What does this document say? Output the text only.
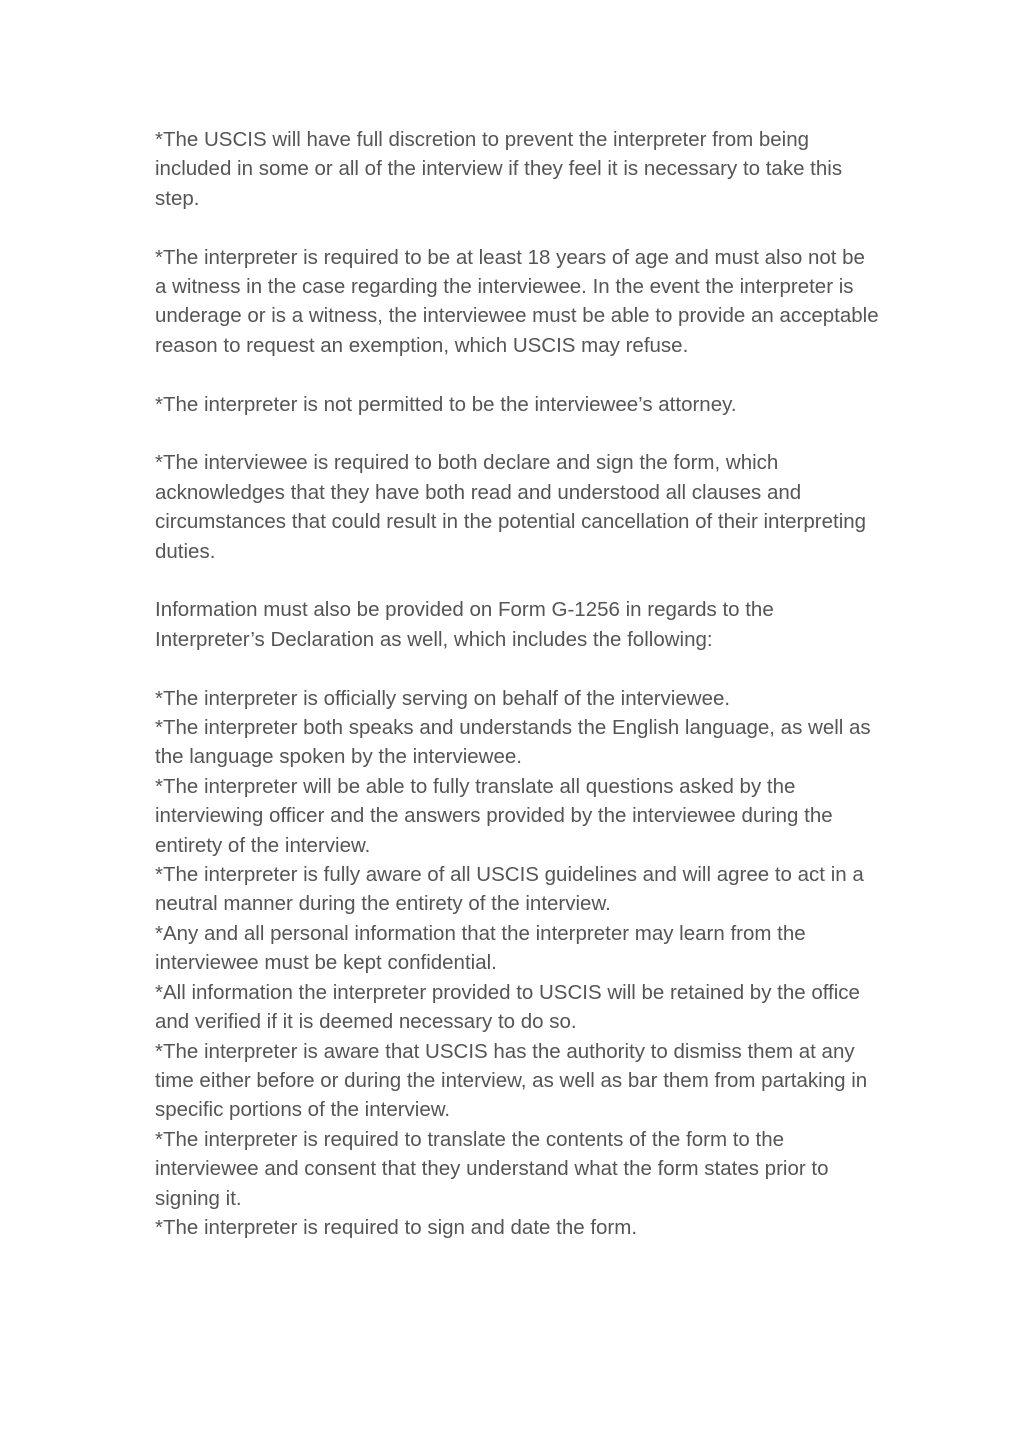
*The USCIS will have full discretion to prevent the interpreter from being included in some or all of the interview if they feel it is necessary to take this step.

*The interpreter is required to be at least 18 years of age and must also not be a witness in the case regarding the interviewee. In the event the interpreter is underage or is a witness, the interviewee must be able to provide an acceptable reason to request an exemption, which USCIS may refuse.

*The interpreter is not permitted to be the interviewee’s attorney.

*The interviewee is required to both declare and sign the form, which acknowledges that they have both read and understood all clauses and circumstances that could result in the potential cancellation of their interpreting duties.

Information must also be provided on Form G-1256 in regards to the Interpreter’s Declaration as well, which includes the following:

*The interpreter is officially serving on behalf of the interviewee.
*The interpreter both speaks and understands the English language, as well as the language spoken by the interviewee.
*The interpreter will be able to fully translate all questions asked by the interviewing officer and the answers provided by the interviewee during the entirety of the interview.
*The interpreter is fully aware of all USCIS guidelines and will agree to act in a neutral manner during the entirety of the interview.
*Any and all personal information that the interpreter may learn from the interviewee must be kept confidential.
*All information the interpreter provided to USCIS will be retained by the office and verified if it is deemed necessary to do so.
*The interpreter is aware that USCIS has the authority to dismiss them at any time either before or during the interview, as well as bar them from partaking in specific portions of the interview.
*The interpreter is required to translate the contents of the form to the interviewee and consent that they understand what the form states prior to signing it.
*The interpreter is required to sign and date the form.
